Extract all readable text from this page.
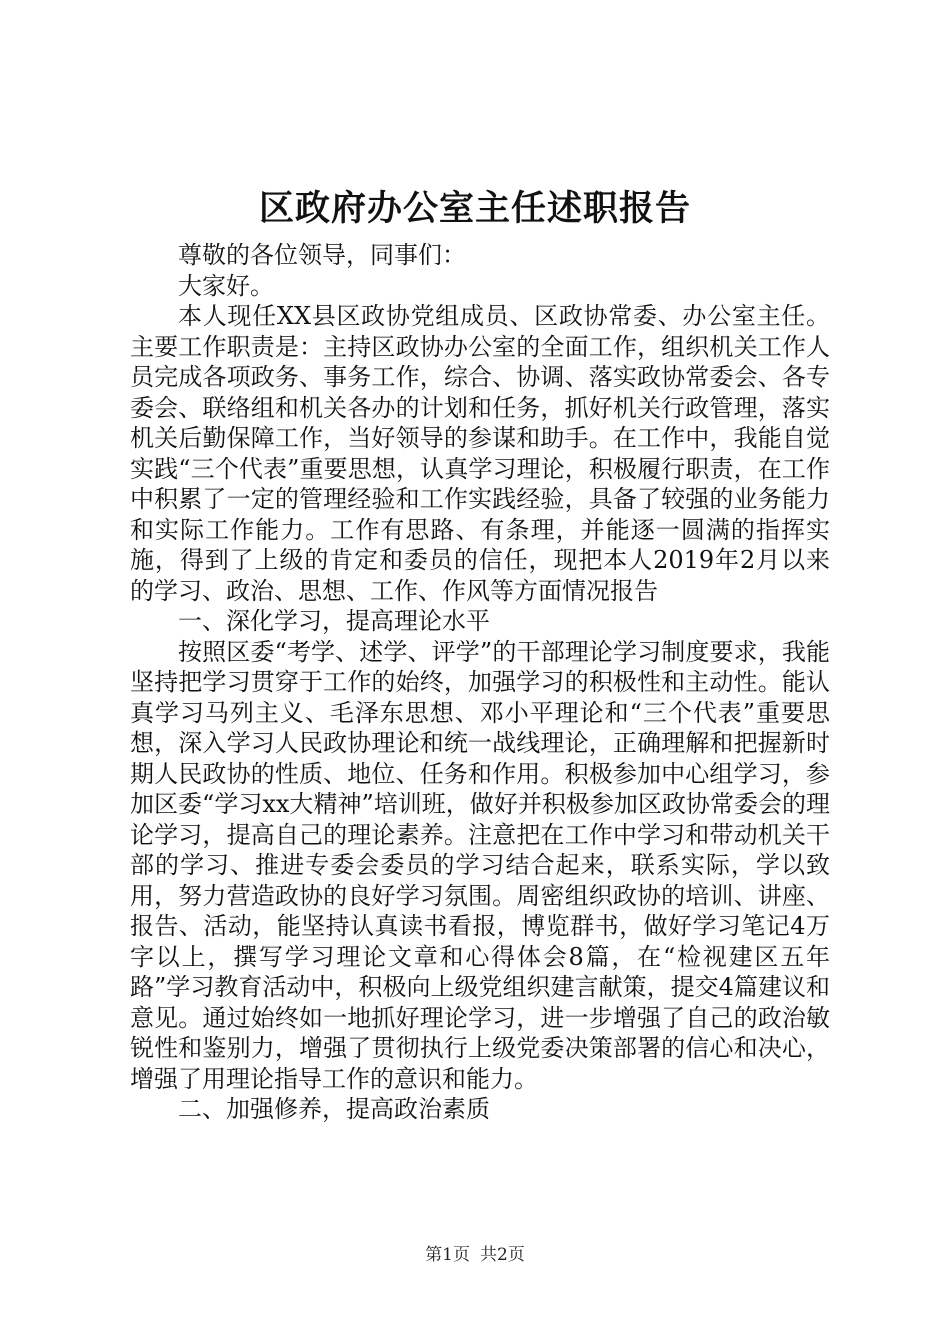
区政府办公室主任述职报告

尊敬的各位领导，同事们：

大家好。

本人现任XX县区政协党组成员、区政协常委、办公室主任。主要工作职责是：主持区政协办公室的全面工作，组织机关工作人员完成各项政务、事务工作，综合、协调、落实政协常委会、各专委会、联络组和机关各办的计划和任务，抓好机关行政管理，落实机关后勤保障工作，当好领导的参谋和助手。在工作中，我能自觉实践“三个代表”重要思想，认真学习理论，积极履行职责，在工作中积累了一定的管理经验和工作实践经验，具备了较强的业务能力和实际工作能力。工作有思路、有条理，并能逐一圆满的指挥实施，得到了上级的肯定和委员的信任，现把本人2019年2月以来的学习、政治、思想、工作、作风等方面情况报告

一、深化学习，提高理论水平

按照区委“考学、述学、评学”的干部理论学习制度要求，我能坚持把学习贯穿于工作的始终，加强学习的积极性和主动性。能认真学习马列主义、毛泽东思想、邓小平理论和“三个代表”重要思想，深入学习人民政协理论和统一战线理论，正确理解和把握新时期人民政协的性质、地位、任务和作用。积极参加中心组学习，参加区委“学习xx大精神”培训班，做好并积极参加区政协常委会的理论学习，提高自己的理论素养。注意把在工作中学习和带动机关干部的学习、推进专委会委员的学习结合起来，联系实际，学以致用，努力营造政协的良好学习氛围。周密组织政协的培训、讲座、报告、活动，能坚持认真读书看报，博览群书，做好学习笔记4万字以上，撰写学习理论文章和心得体会8篇，在“检视建区五年路”学习教育活动中，积极向上级党组织建言献策，提交4篇建议和意见。通过始终如一地抓好理论学习，进一步增强了自己的政治敏锐性和鉴别力，增强了贯彻执行上级党委决策部署的信心和决心，增强了用理论指导工作的意识和能力。

二、加强修养，提高政治素质

第1页 共2页
